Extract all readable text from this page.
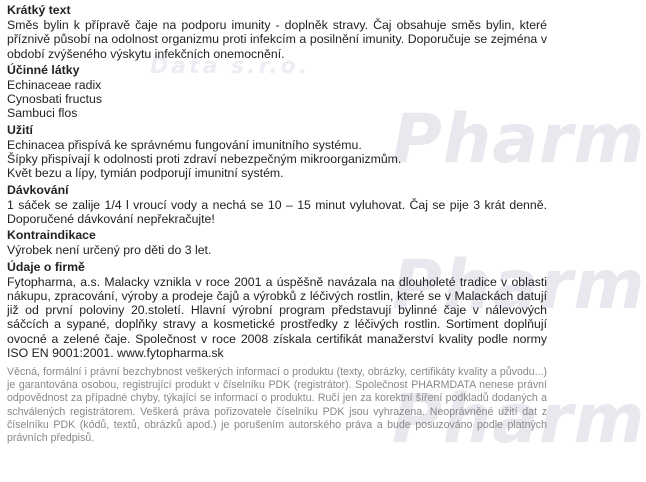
Data s.r.o.
Pharm
Pharm
Pharm
Krátký text
Směs bylin k přípravě čaje na podporu imunity - doplněk stravy. Čaj obsahuje směs bylin, které příznivě působí na odolnost organizmu proti infekcím a posilnění imunity. Doporučuje se zejména v období zvýšeného výskytu infekčních onemocnění.
Účinné látky
Echinaceae radix
Cynosbati fructus
Sambuci flos
Užití
Echinacea přispívá ke správnému fungování imunitního systému.
Šípky přispívají k odolnosti proti zdraví nebezpečným mikroorganizmům.
Květ bezu a lípy, tymián podporují imunitní systém.
Dávkování
1 sáček se zalije 1/4 l vroucí vody a nechá se 10 – 15 minut vyluhovat. Čaj se pije 3 krát denně. Doporučené dávkování nepřekračujte!
Kontraindikace
Výrobek není určený pro děti do 3 let.
Údaje o firmě
Fytopharma, a.s. Malacky vznikla v roce 2001 a úspěšně navázala na dlouholeté tradice v oblasti nákupu, zpracování, výroby a prodeje čajů a výrobků z léčivých rostlin, které se v Malackách datují již od první poloviny 20.století. Hlavní výrobní program představují bylinné čaje v nálevových sáčcích a sypané, doplňky stravy a kosmetické prostředky z léčivých rostlin. Sortiment doplňují ovocné a zelené čaje. Společnost v roce 2008 získala certifikát manažerství kvality podle normy ISO EN 9001:2001. www.fytopharma.sk
Věcná, formální i právní bezchybnost veškerých informací o produktu (texty, obrázky, certifikáty kvality a původu...) je garantována osobou, registrující produkt v číselníku PDK (registrátor). Společnost PHARMDATA nenese právní odpovědnost za případné chyby, týkající se informací o produktu. Ručí jen za korektní šíření podkladů dodaných a schválených registrátorem. Veškerá práva pořizovatele číselníku PDK jsou vyhrazena. Neoprávněné užití dat z číselníku PDK (kódů, textů, obrázků apod.) je porušením autorského práva a bude posuzováno podle platných právních předpisů.
